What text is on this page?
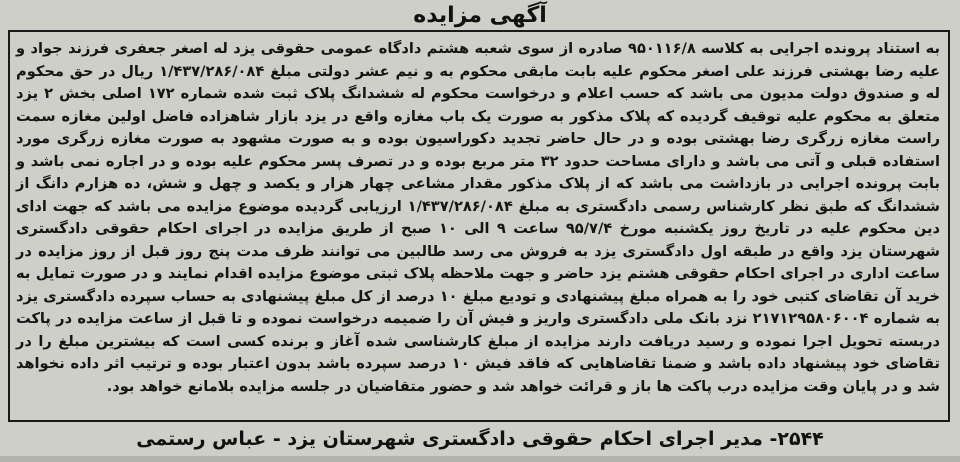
آگهی مزایده
به استناد پرونده اجرایی به کلاسه ۹۵۰۱۱۶/۸ صادره از سوی شعبه هشتم دادگاه عمومی حقوقی یزد له اصغر جعفری فرزند جواد و علیه رضا بهشتی فرزند علی اصغر محکوم علیه بابت مابقی محکوم به و نیم عشر دولتی مبلغ ۱/۴۳۷/۲۸۶/۰۸۴ ریال در حق محکوم له و صندوق دولت مدیون می باشد که حسب اعلام و درخواست محکوم له ششدانگ پلاک ثبت شده شماره ۱۷۲ اصلی بخش ۲ یزد متعلق به محکوم علیه توقیف گردیده که پلاک مذکور به صورت یک باب مغازه واقع در یزد بازار شاهزاده فاضل اولین مغازه سمت راست مغازه زرگری رضا بهشتی بوده و در حال حاضر تجدید دکوراسیون بوده و به صورت مشهود به صورت مغازه زرگری مورد استفاده قبلی و آتی می باشد و دارای مساحت حدود ۳۲ متر مربع بوده و در تصرف پسر محکوم علیه بوده و در اجاره نمی باشد و بابت پرونده اجرایی در بازداشت می باشد که از پلاک مذکور مقدار مشاعی چهار هزار و یکصد و چهل و شش، ده هزارم دانگ از ششدانگ که طبق نظر کارشناس رسمی دادگستری به مبلغ ۱/۴۳۷/۲۸۶/۰۸۴ ارزیابی گردیده موضوع مزایده می باشد که جهت ادای دین محکوم علیه در تاریخ روز یکشنبه مورخ ۹۵/۷/۴ ساعت ۹ الی ۱۰ صبح از طریق مزایده در اجرای احکام حقوقی دادگستری شهرستان یزد واقع در طبقه اول دادگستری یزد به فروش می رسد طالبین می توانند ظرف مدت پنج روز قبل از روز مزایده در ساعت اداری در اجرای احکام حقوقی هشتم یزد حاضر و جهت ملاحظه پلاک ثبتی موضوع مزایده اقدام نمایند و در صورت تمایل به خرید آن تقاضای کتبی خود را به همراه مبلغ پیشنهادی و تودیع مبلغ ۱۰ درصد از کل مبلغ پیشنهادی به حساب سپرده دادگستری یزد به شماره ۲۱۷۱۲۹۵۸۰۶۰۰۴ نزد بانک ملی دادگستری واریز و فیش آن را ضمیمه درخواست نموده و تا قبل از ساعت مزایده در پاکت دربسته تحویل اجرا نموده و رسید دریافت دارند مزایده از مبلغ کارشناسی شده آغاز و برنده کسی است که بیشترین مبلغ را در تقاضای خود پیشنهاد داده باشد و ضمنا تقاضاهایی که فاقد فیش ۱۰ درصد سپرده باشد بدون اعتبار بوده و ترتیب اثر داده نخواهد شد و در پایان وقت مزایده درب پاکت ها باز و قرائت خواهد شد و حضور متقاضیان در جلسه مزایده بلامانع خواهد بود.
۲۵۴۴- مدیر اجرای احکام حقوقی دادگستری شهرستان یزد - عباس رستمی
